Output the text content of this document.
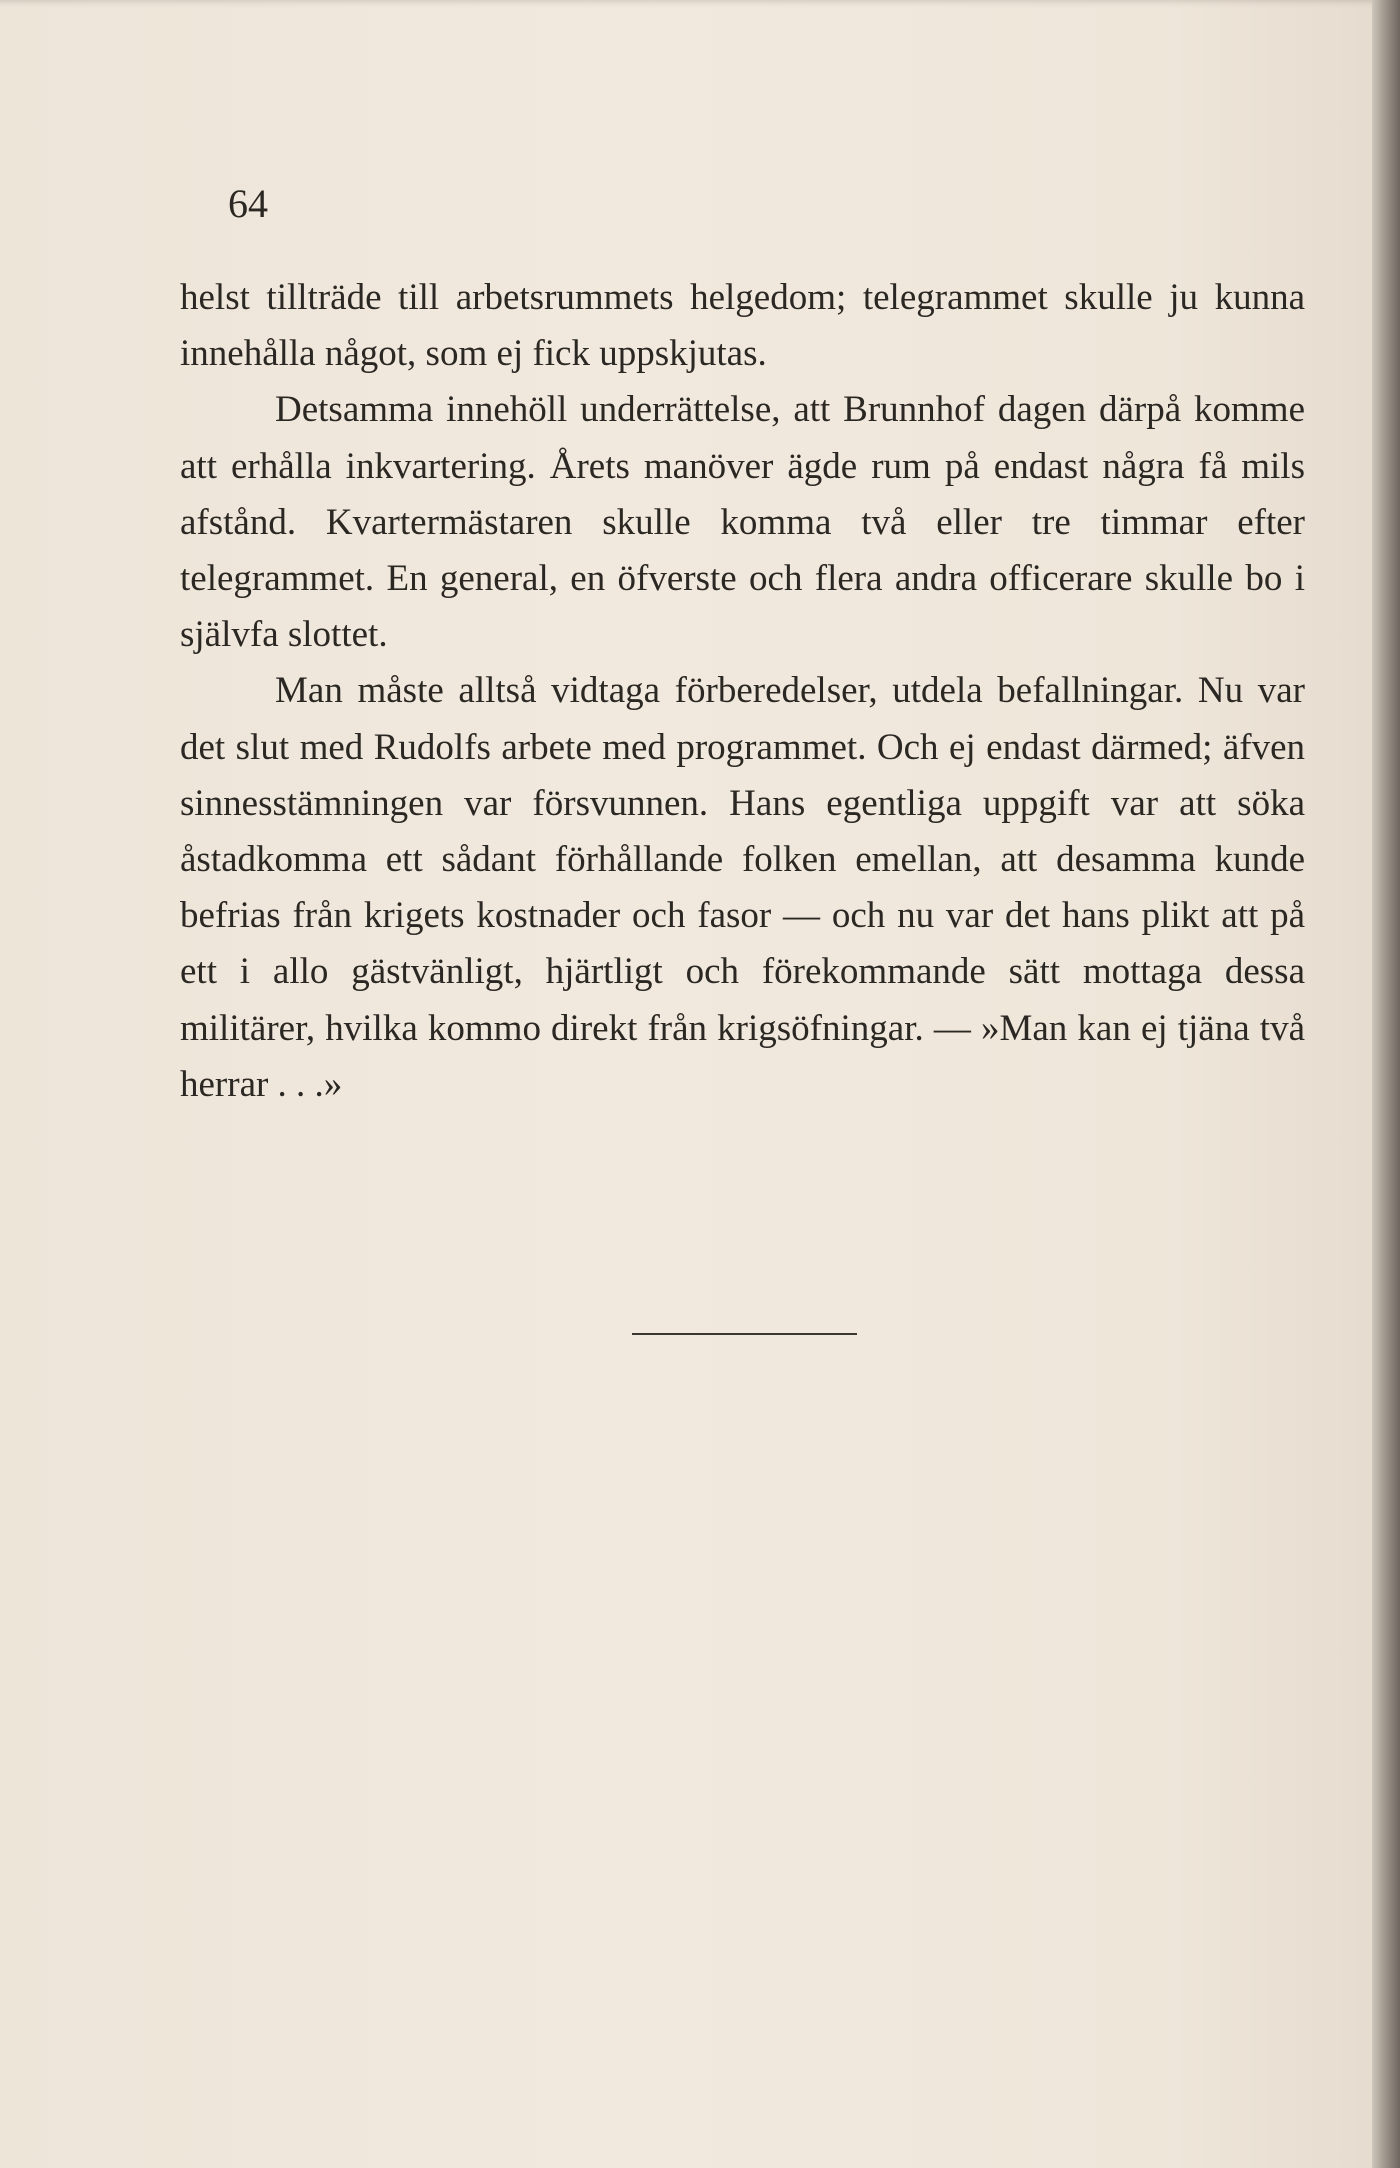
64

helst tillträde till arbetsrummets helgedom; telegrammet skulle ju kunna innehålla något, som ej fick uppskjutas.

Detsamma innehöll underrättelse, att Brunnhof dagen därpå komme att erhålla inkvartering. Årets manöver ägde rum på endast några få mils afstånd. Kvartermästaren skulle komma två eller tre timmar efter telegrammet. En general, en öfverste och flera andra officerare skulle bo i självfa slottet.

Man måste alltså vidtaga förberedelser, utdela befallningar. Nu var det slut med Rudolfs arbete med programmet. Och ej endast därmed; äfven sinnesstämningen var försvunnen. Hans egentliga uppgift var att söka åstadkomma ett sådant förhållande folken emellan, att desamma kunde befrias från krigets kostnader och fasor — och nu var det hans plikt att på ett i allo gästvänligt, hjärtligt och förekommande sätt mottaga dessa militärer, hvilka kommo direkt från krigsöfningar. — »Man kan ej tjäna två herrar . . .»
